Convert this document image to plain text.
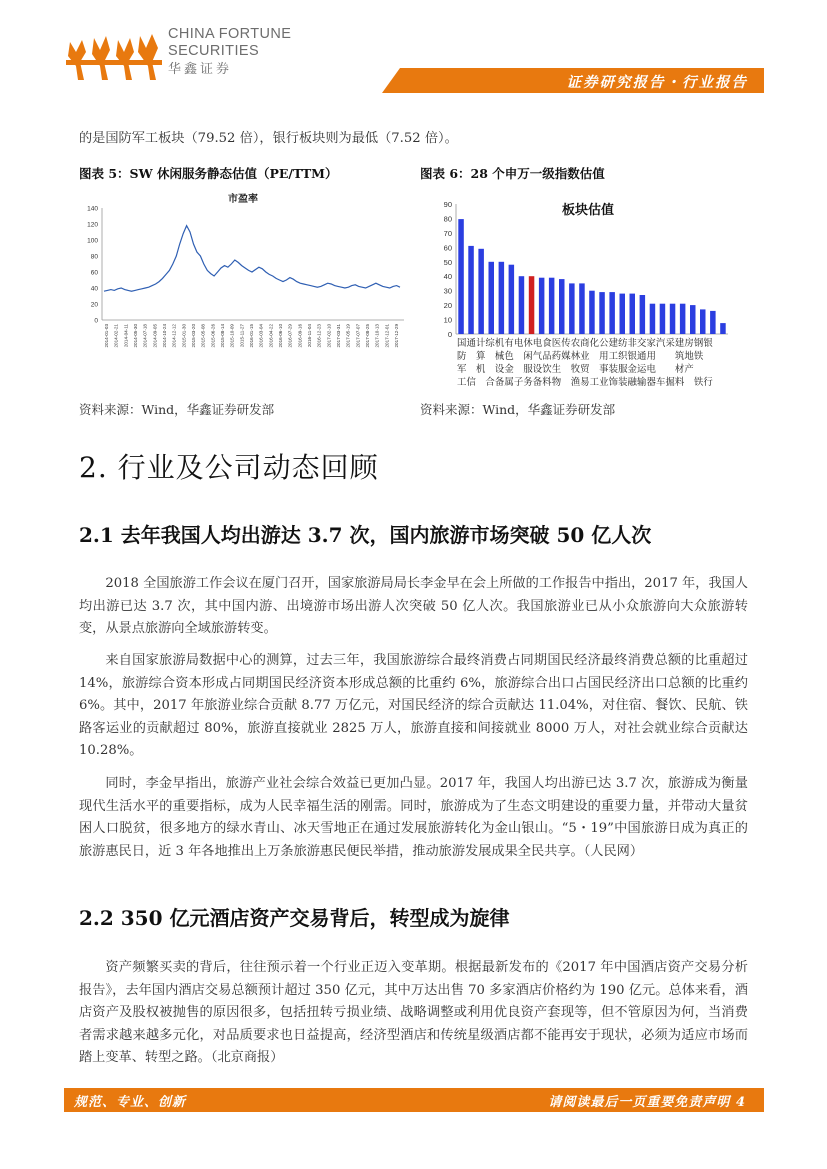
CHINA FORTUNE
SECURITIES
华鑫证券
证券研究报告・行业报告
的是国防军工板块（79.52 倍），银行板块则为最低（7.52 倍）。
图表 5：SW 休闲服务静态估值（PE/TTM）	图表 6：28 个申万一级指数估值
市盈率
0
20
40
60
80
100
120
140
2014-01-03 2014-02-21 2014-04-11 2014-05-30 2014-07-18 2014-09-05 2014-10-24 2014-12-12 2015-01-30 2015-03-20 2015-05-08 2015-06-26 2015-08-14 2015-10-09 2015-11-27 2016-01-15 2016-03-04 2016-04-22 2016-06-10 2016-07-29 2016-09-16 2016-11-04 2016-12-23 2017-02-10 2017-03-31 2017-05-19 2017-07-07 2017-08-25 2017-10-13 2017-12-01 2017-12-29
板块估值
0
10
20
30
40
50
60
70
80
90
国通计综机有电休电食医传农商化公建纺非交家汽采建房钢银
防　算　械色　闲气品药媒林业　用工织银通用　　筑地铁　
军　机　设金　服设饮生　牧贸　事装服金运电　　材产　　
工信　合备属子务备料物　渔易工业饰装融输器车掘料　铁行
资料来源：Wind，华鑫证券研发部	资料来源：Wind，华鑫证券研发部
2. 行业及公司动态回顾
2.1 去年我国人均出游达 3.7 次，国内旅游市场突破 50 亿人次
2018 全国旅游工作会议在厦门召开，国家旅游局局长李金早在会上所做的工作报告中指出，2017 年，我国人均出游已达 3.7 次，其中国内游、出境游市场出游人次突破 50 亿人次。我国旅游业已从小众旅游向大众旅游转变，从景点旅游向全域旅游转变。
来自国家旅游局数据中心的测算，过去三年，我国旅游综合最终消费占同期国民经济最终消费总额的比重超过 14%，旅游综合资本形成占同期国民经济资本形成总额的比重约 6%，旅游综合出口占国民经济出口总额的比重约 6%。其中，2017 年旅游业综合贡献 8.77 万亿元，对国民经济的综合贡献达 11.04%，对住宿、餐饮、民航、铁路客运业的贡献超过 80%，旅游直接就业 2825 万人，旅游直接和间接就业 8000 万人，对社会就业综合贡献达 10.28%。
同时，李金早指出，旅游产业社会综合效益已更加凸显。2017 年，我国人均出游已达 3.7 次，旅游成为衡量现代生活水平的重要指标，成为人民幸福生活的刚需。同时，旅游成为了生态文明建设的重要力量，并带动大量贫困人口脱贫，很多地方的绿水青山、冰天雪地正在通过发展旅游转化为金山银山。“5・19”中国旅游日成为真正的旅游惠民日，近 3 年各地推出上万条旅游惠民便民举措，推动旅游发展成果全民共享。（人民网）
2.2 350 亿元酒店资产交易背后，转型成为旋律
资产频繁买卖的背后，往往预示着一个行业正迈入变革期。根据最新发布的《2017 年中国酒店资产交易分析报告》，去年国内酒店交易总额预计超过 350 亿元，其中万达出售 70 多家酒店价格约为 190 亿元。总体来看，酒店资产及股权被抛售的原因很多，包括扭转亏损业绩、战略调整或利用优良资产套现等，但不管原因为何，当消费者需求越来越多元化，对品质要求也日益提高，经济型酒店和传统星级酒店都不能再安于现状，必须为适应市场而踏上变革、转型之路。（北京商报）
规范、专业、创新	请阅读最后一页重要免责声明 4
